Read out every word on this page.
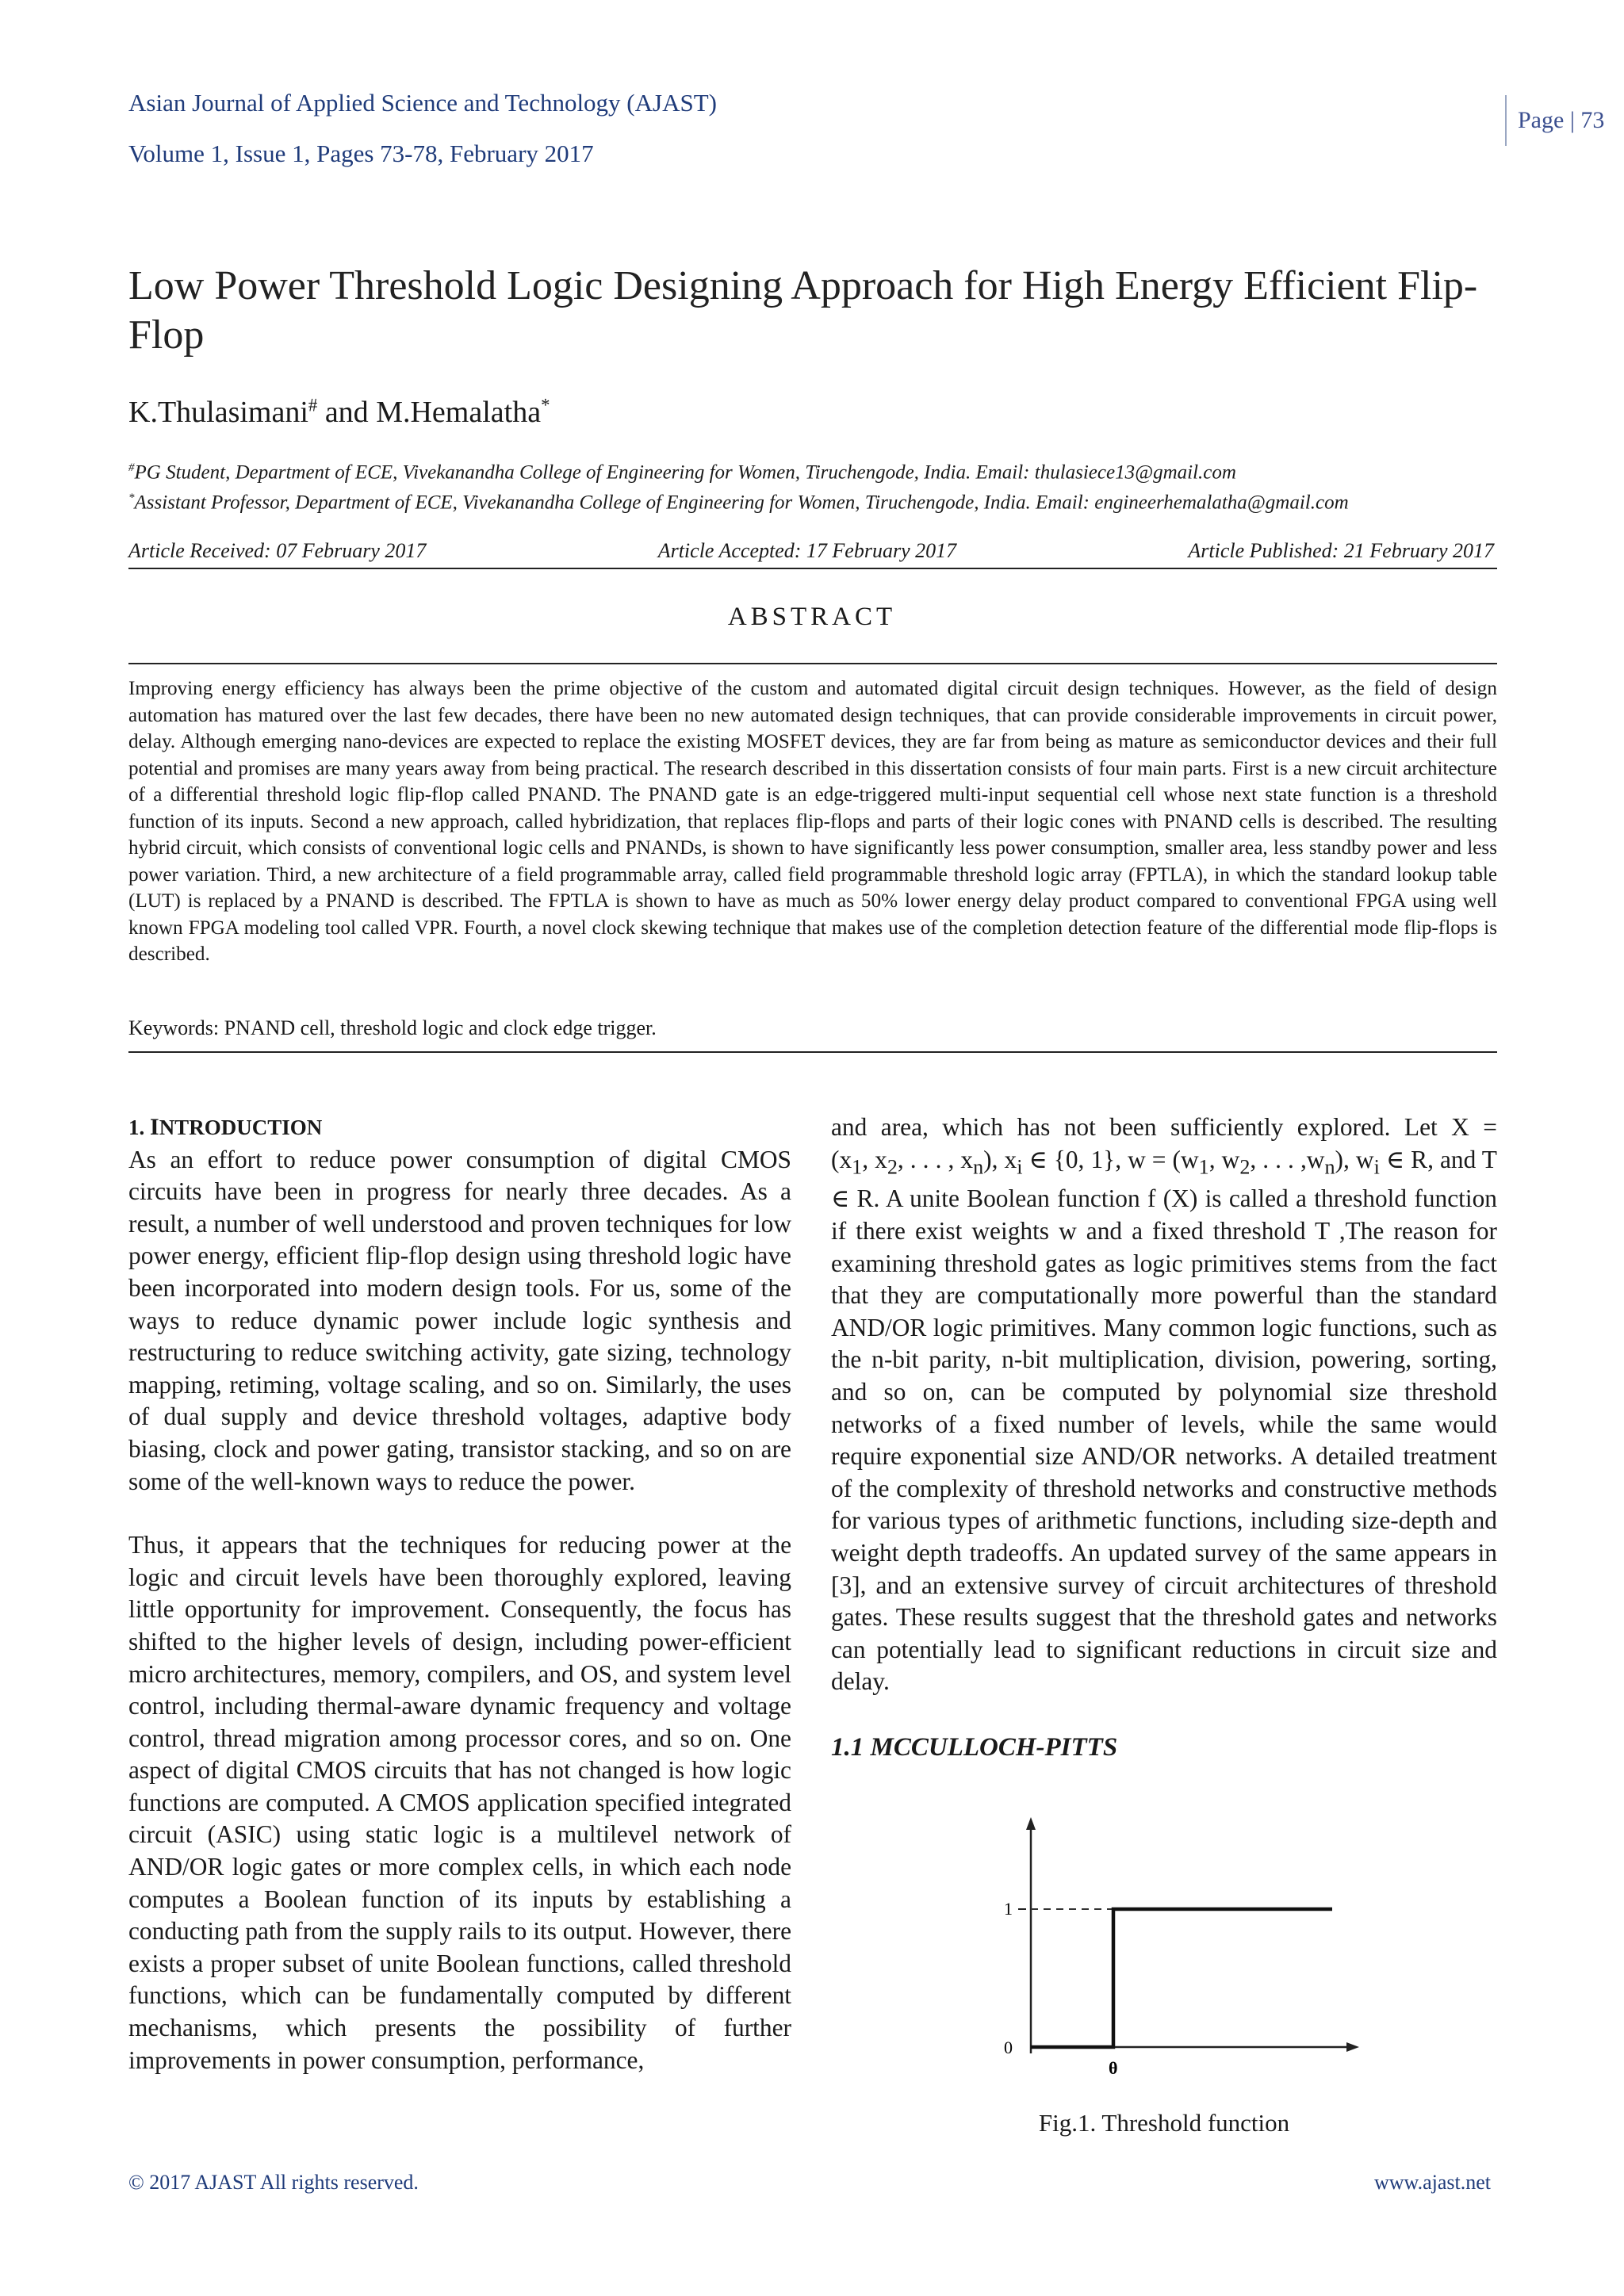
Asian Journal of Applied Science and Technology (AJAST)
Volume 1, Issue 1, Pages 73-78, February 2017
Page | 73
Low Power Threshold Logic Designing Approach for High Energy Efficient Flip-Flop
K.Thulasimani# and M.Hemalatha*
#PG Student, Department of ECE, Vivekanandha College of Engineering for Women, Tiruchengode, India. Email: thulasiece13@gmail.com
*Assistant Professor, Department of ECE, Vivekanandha College of Engineering for Women, Tiruchengode, India. Email: engineerhemalatha@gmail.com
Article Received: 07 February 2017	Article Accepted: 17 February 2017	Article Published: 21 February 2017
ABSTRACT
Improving energy efficiency has always been the prime objective of the custom and automated digital circuit design techniques. However, as the field of design automation has matured over the last few decades, there have been no new automated design techniques, that can provide considerable improvements in circuit power, delay. Although emerging nano-devices are expected to replace the existing MOSFET devices, they are far from being as mature as semiconductor devices and their full potential and promises are many years away from being practical. The research described in this dissertation consists of four main parts. First is a new circuit architecture of a differential threshold logic flip-flop called PNAND. The PNAND gate is an edge-triggered multi-input sequential cell whose next state function is a threshold function of its inputs. Second a new approach, called hybridization, that replaces flip-flops and parts of their logic cones with PNAND cells is described. The resulting hybrid circuit, which consists of conventional logic cells and PNANDs, is shown to have significantly less power consumption, smaller area, less standby power and less power variation. Third, a new architecture of a field programmable array, called field programmable threshold logic array (FPTLA), in which the standard lookup table (LUT) is replaced by a PNAND is described. The FPTLA is shown to have as much as 50% lower energy delay product compared to conventional FPGA using well known FPGA modeling tool called VPR. Fourth, a novel clock skewing technique that makes use of the completion detection feature of the differential mode flip-flops is described.
Keywords: PNAND cell, threshold logic and clock edge trigger.

1. INTRODUCTION

As an effort to reduce power consumption of digital CMOS circuits have been in progress for nearly three decades. As a result, a number of well understood and proven techniques for low power energy, efficient flip-flop design using threshold logic have been incorporated into modern design tools. For us, some of the ways to reduce dynamic power include logic synthesis and restructuring to reduce switching activity, gate sizing, technology mapping, retiming, voltage scaling, and so on. Similarly, the uses of dual supply and device threshold voltages, adaptive body biasing, clock and power gating, transistor stacking, and so on are some of the well-known ways to reduce the power.

Thus, it appears that the techniques for reducing power at the logic and circuit levels have been thoroughly explored, leaving little opportunity for improvement. Consequently, the focus has shifted to the higher levels of design, including power-efficient micro architectures, memory, compilers, and OS, and system level control, including thermal-aware dynamic frequency and voltage control, thread migration among processor cores, and so on. One aspect of digital CMOS circuits that has not changed is how logic functions are computed. A CMOS application specified integrated circuit (ASIC) using static logic is a multilevel network of AND/OR logic gates or more complex cells, in which each node computes a Boolean function of its inputs by establishing a conducting path from the supply rails to its output. However, there exists a proper subset of unite Boolean functions, called threshold functions, which can be fundamentally computed by different mechanisms, which presents the possibility of further improvements in power consumption, performance,

and area, which has not been sufficiently explored. Let $X = (x_1$, $x_2$, . . . , $x_n$), $x_i$ ∈ {0, 1}, $w = (w_1$, $w_2$, . . . $,w_n$), $w_i$ ∈ R, and T ∈ R. A unite Boolean function f (X) is called a threshold function if there exist weights w and a fixed threshold T ,The reason for examining threshold gates as logic primitives stems from the fact that they are computationally more powerful than the standard AND/OR logic primitives. Many common logic functions, such as the n-bit parity, n-bit multiplication, division, powering, sorting, and so on, can be computed by polynomial size threshold networks of a fixed number of levels, while the same would require exponential size AND/OR networks. A detailed treatment of the complexity of threshold networks and constructive methods for various types of arithmetic functions, including size-depth and weight depth tradeoffs. An updated survey of the same appears in [3], and an extensive survey of circuit architectures of threshold gates. These results suggest that the threshold gates and networks can potentially lead to significant reductions in circuit size and delay.

1.1 MCCULLOCH-PITTS

1
0
θ
Fig.1. Threshold function
© 2017 AJAST All rights reserved.	www.ajast.net
